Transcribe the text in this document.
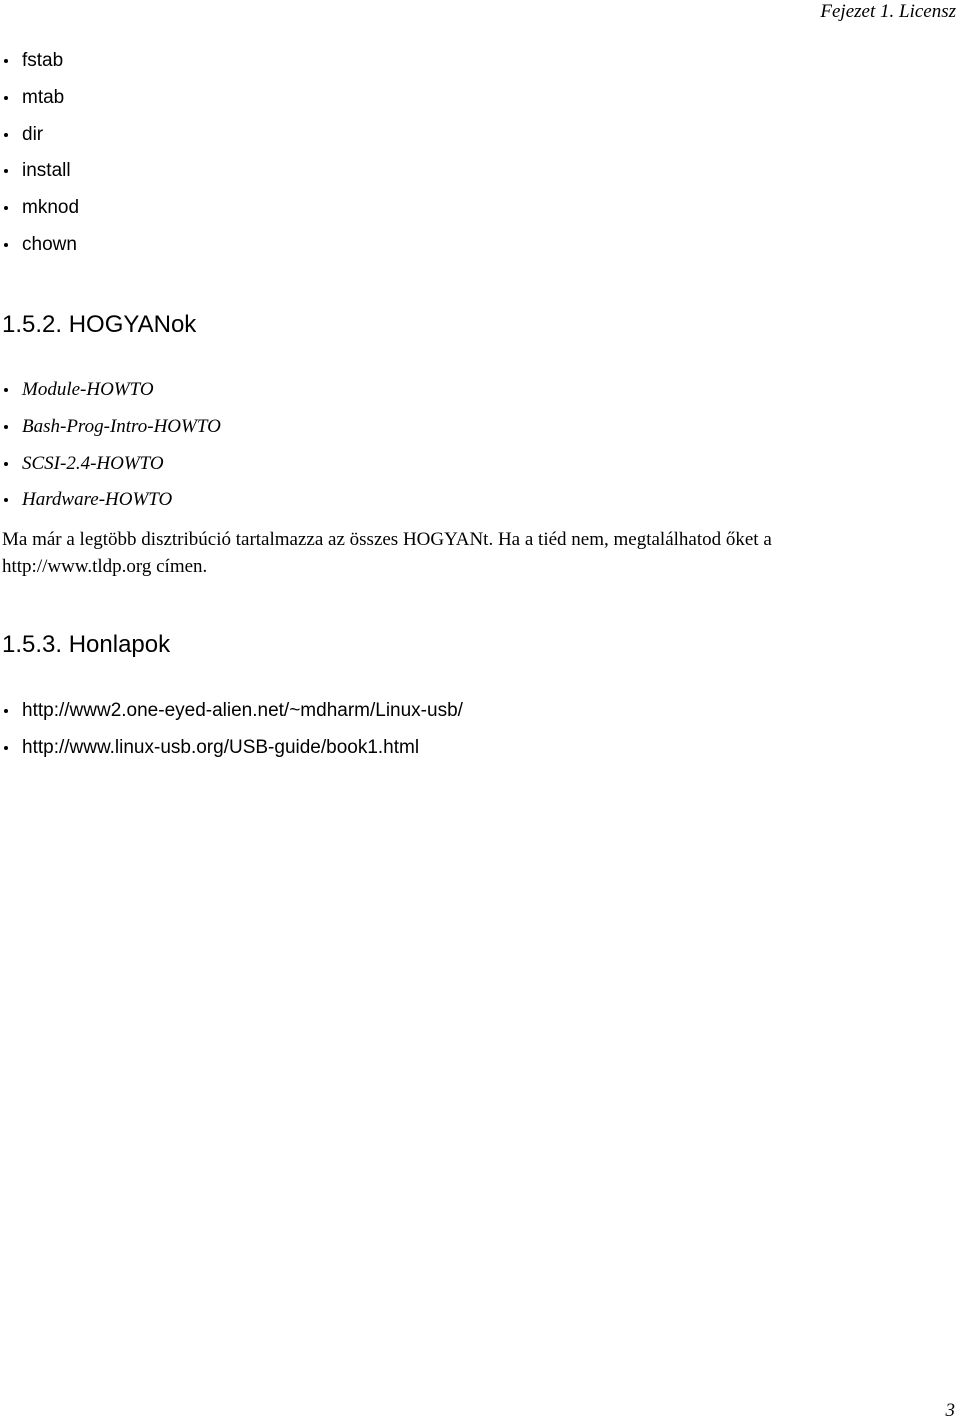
Fejezet 1. Licensz
fstab
mtab
dir
install
mknod
chown
1.5.2. HOGYANok
Module-HOWTO
Bash-Prog-Intro-HOWTO
SCSI-2.4-HOWTO
Hardware-HOWTO

Ma már a legtöbb disztribúció tartalmazza az összes HOGYANt. Ha a tiéd nem, megtalálhatod őket a
http://www.tldp.org címen.

1.5.3. Honlapok
http://www2.one-eyed-alien.net/~mdharm/Linux-usb/
http://www.linux-usb.org/USB-guide/book1.html
3
